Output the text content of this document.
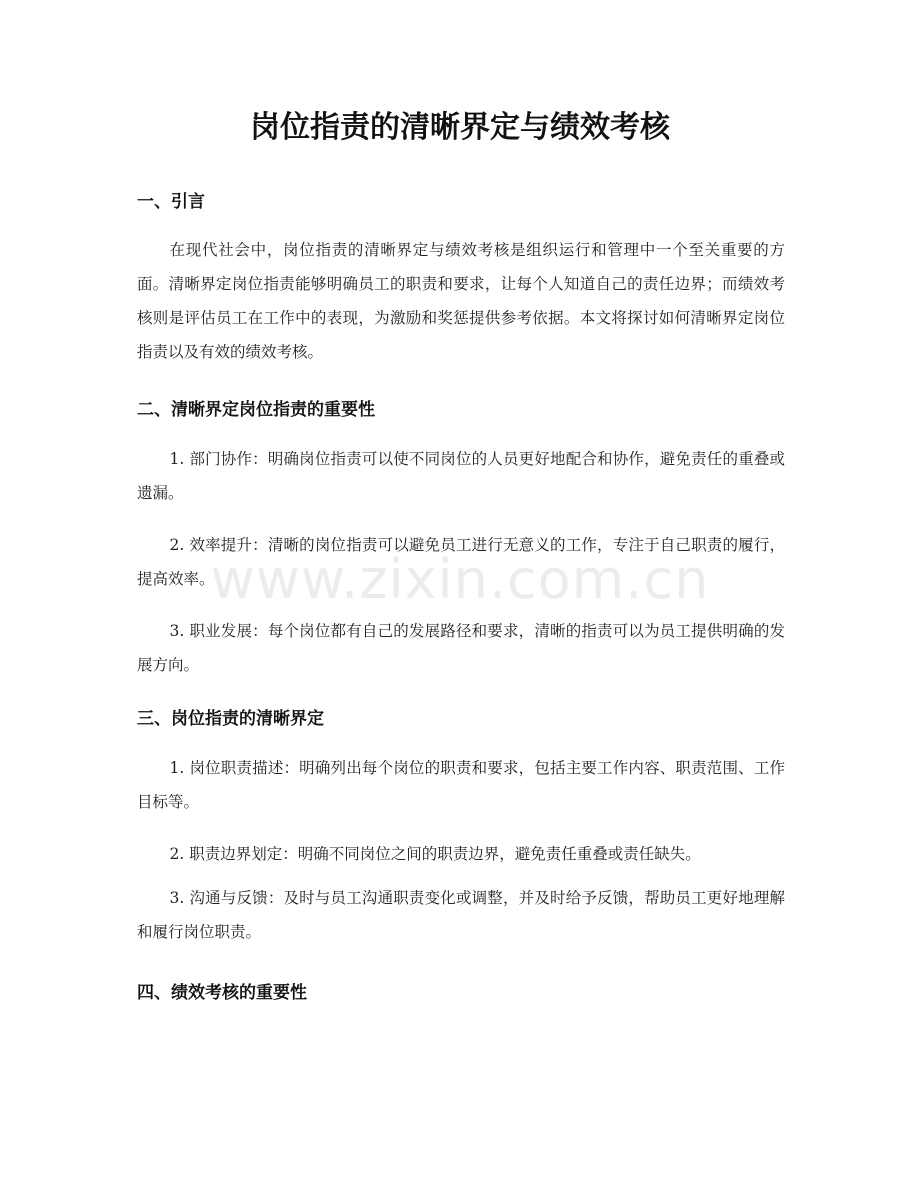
岗位指责的清晰界定与绩效考核
一、引言

在现代社会中，岗位指责的清晰界定与绩效考核是组织运行和管理中一个至关重要的方面。清晰界定岗位指责能够明确员工的职责和要求，让每个人知道自己的责任边界；而绩效考核则是评估员工在工作中的表现，为激励和奖惩提供参考依据。本文将探讨如何清晰界定岗位指责以及有效的绩效考核。

二、清晰界定岗位指责的重要性

1. 部门协作：明确岗位指责可以使不同岗位的人员更好地配合和协作，避免责任的重叠或遗漏。

2. 效率提升：清晰的岗位指责可以避免员工进行无意义的工作，专注于自己职责的履行，提高效率。

3. 职业发展：每个岗位都有自己的发展路径和要求，清晰的指责可以为员工提供明确的发展方向。

三、岗位指责的清晰界定

1. 岗位职责描述：明确列出每个岗位的职责和要求，包括主要工作内容、职责范围、工作目标等。

2. 职责边界划定：明确不同岗位之间的职责边界，避免责任重叠或责任缺失。

3. 沟通与反馈：及时与员工沟通职责变化或调整，并及时给予反馈，帮助员工更好地理解和履行岗位职责。

四、绩效考核的重要性
www.zixin.com.cn
